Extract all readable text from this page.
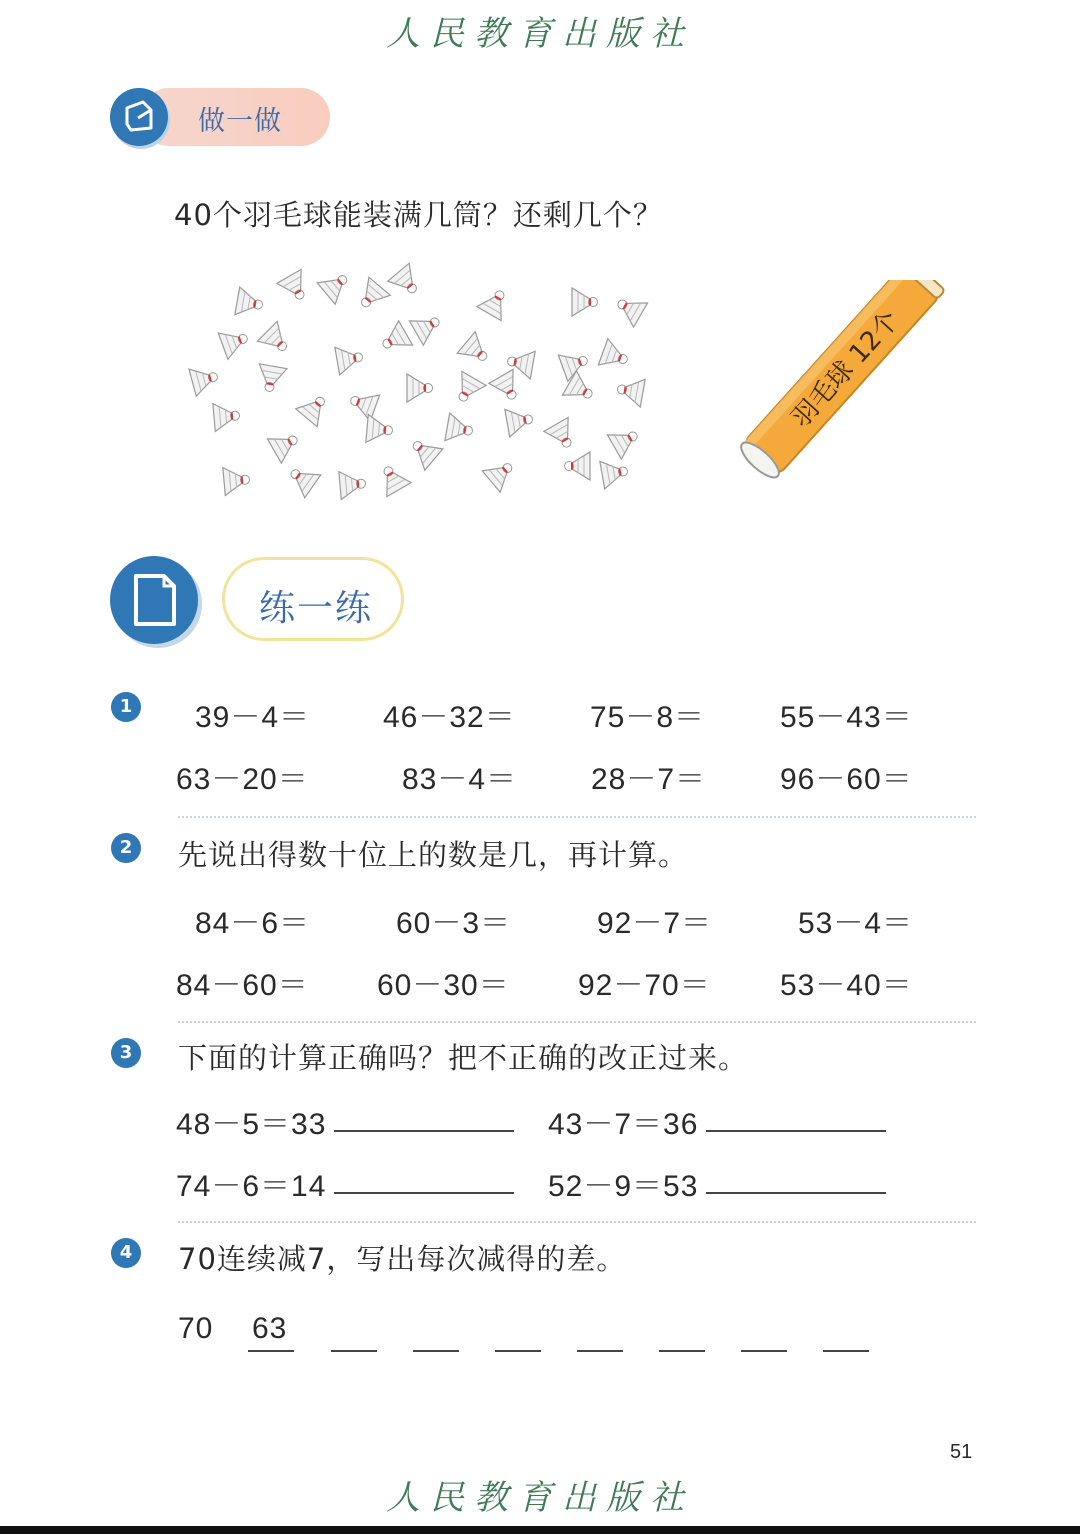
人民教育出版社
做一做
40个羽毛球能装满几筒？还剩几个？
羽毛球 12个
练一练
1 39－4＝ 46－32＝ 75－8＝ 55－43＝
63－20＝	83－4＝ 28－7＝ 96－60＝
2	先说出得数十位上的数是几，再计算。
84－6＝	60－3＝	92－7＝	53－4＝
84－60＝ 60－30＝ 92－70＝ 53－40＝
3	下面的计算正确吗？把不正确的改正过来。
48－5＝33	43－7＝36
74－6＝14	52－9＝53
4	70连续减7，写出每次减得的差。
70 63
51
人民教育出版社
